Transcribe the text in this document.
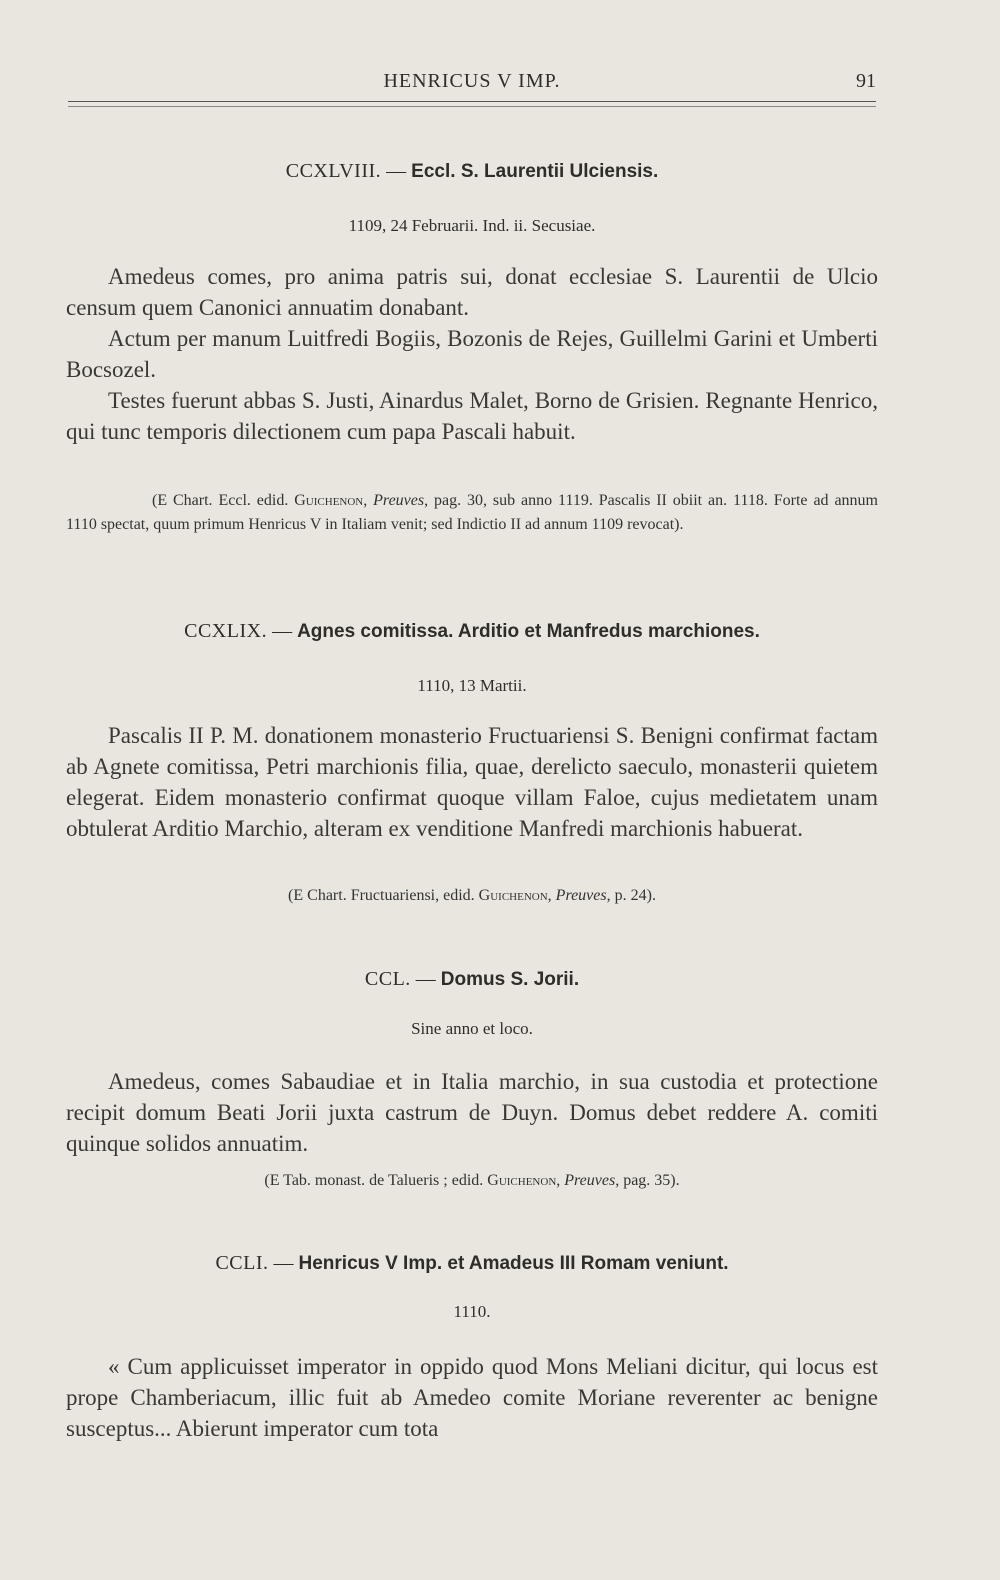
HENRICUS V IMP.	91
CCXLVIII. — Eccl. S. Laurentii Ulciensis.
1109, 24 Februarii. Ind. ii. Secusiae.

Amedeus comes, pro anima patris sui, donat ecclesiae S. Laurentii de Ulcio censum quem Canonici annuatim donabant.

Actum per manum Luitfredi Bogiis, Bozonis de Rejes, Guillelmi Garini et Umberti Bocsozel.

Testes fuerunt abbas S. Justi, Ainardus Malet, Borno de Grisien. Regnante Henrico, qui tunc temporis dilectionem cum papa Pascali habuit.

(E Chart. Eccl. edid. Guichenon, Preuves, pag. 30, sub anno 1119. Pascalis II obiit an. 1118. Forte ad annum 1110 spectat, quum primum Henricus V in Italiam venit; sed Indictio II ad annum 1109 revocat).

CCXLIX. — Agnes comitissa. Arditio et Manfredus marchiones.
1110, 13 Martii.

Pascalis II P. M. donationem monasterio Fructuariensi S. Benigni confirmat factam ab Agnete comitissa, Petri marchionis filia, quae, derelicto saeculo, monasterii quietem elegerat. Eidem monasterio confirmat quoque villam Faloe, cujus medietatem unam obtulerat Arditio Marchio, alteram ex venditione Manfredi marchionis habuerat.

(E Chart. Fructuariensi, edid. Guichenon, Preuves, p. 24).

CCL. — Domus S. Jorii.
Sine anno et loco.

Amedeus, comes Sabaudiae et in Italia marchio, in sua custodia et protectione recipit domum Beati Jorii juxta castrum de Duyn. Domus debet reddere A. comiti quinque solidos annuatim.

(E Tab. monast. de Talueris ; edid. Guichenon, Preuves, pag. 35).

CCLI. — Henricus V Imp. et Amadeus III Romam veniunt.
1110.

« Cum applicuisset imperator in oppido quod Mons Meliani dicitur, qui locus est prope Chamberiacum, illic fuit ab Amedeo comite Moriane reverenter ac benigne susceptus... Abierunt imperator cum tota
